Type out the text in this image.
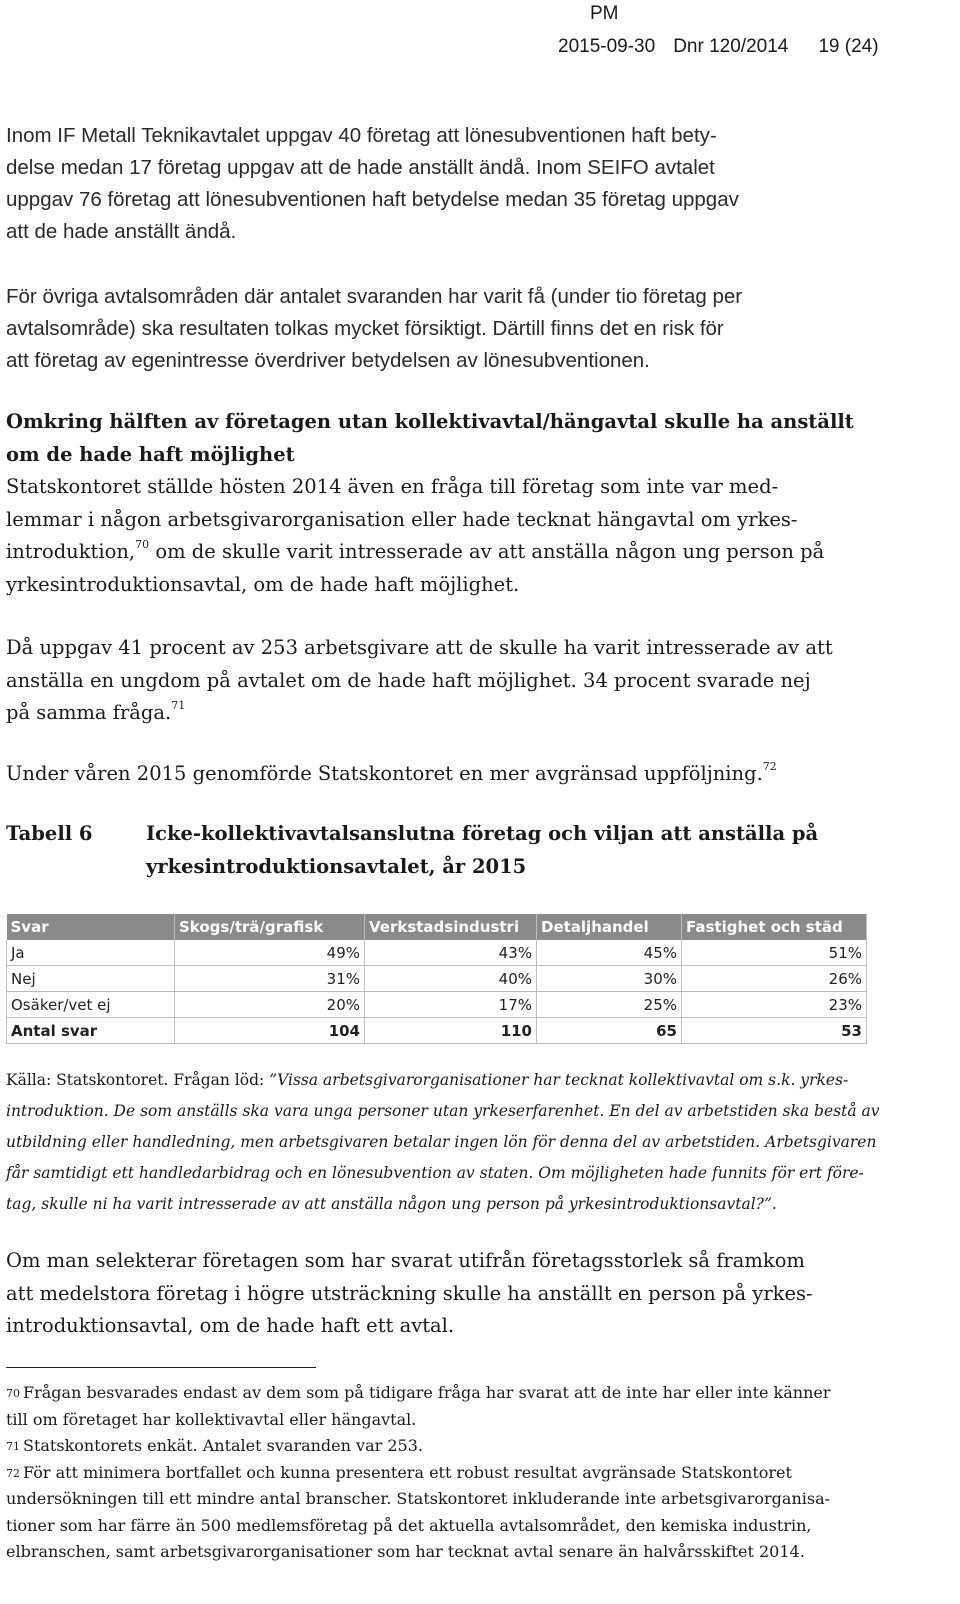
PM
2015-09-30 Dnr 120/2014 19 (24)

Inom IF Metall Teknikavtalet uppgav 40 företag att lönesubventionen haft bety-

delse medan 17 företag uppgav att de hade anställt ändå. Inom SEIFO avtalet

uppgav 76 företag att lönesubventionen haft betydelse medan 35 företag uppgav

att de hade anställt ändå.

För övriga avtalsområden där antalet svaranden har varit få (under tio företag per

avtalsområde) ska resultaten tolkas mycket försiktigt. Därtill finns det en risk för

att företag av egenintresse överdriver betydelsen av lönesubventionen.

Omkring hälften av företagen utan kollektivavtal/hängavtal skulle ha anställt

om de hade haft möjlighet

Statskontoret ställde hösten 2014 även en fråga till företag som inte var med-

lemmar i någon arbetsgivarorganisation eller hade tecknat hängavtal om yrkes-

introduktion,$^{70}$ om de skulle varit intresserade av att anställa någon ung person på

yrkesintroduktionsavtal, om de hade haft möjlighet.

Då uppgav 41 procent av 253 arbetsgivare att de skulle ha varit intresserade av att

anställa en ungdom på avtalet om de hade haft möjlighet. 34 procent svarade nej

på samma fråga.$^{71}$

Under våren 2015 genomförde Statskontoret en mer avgränsad uppföljning.$^{72}$

Tabell 6	Icke-kollektivavtalsanslutna företag och viljan att anställa på
yrkesintroduktionsavtalet, år 2015
Svar	Skogs/trä/grafisk	Verkstadsindustri	Detaljhandel	Fastighet och städ
Ja	49%	43%	45%	51%
Nej	31%	40%	30%	26%
Osäker/vet ej	20%	17%	25%	23%
Antal svar	104	110	65	53
Källa: Statskontoret. Frågan löd: ”Vissa arbetsgivarorganisationer har tecknat kollektivavtal om s.k. yrkes-
introduktion. De som anställs ska vara unga personer utan yrkeserfarenhet. En del av arbetstiden ska bestå av
utbildning eller handledning, men arbetsgivaren betalar ingen lön för denna del av arbetstiden. Arbetsgivaren
får samtidigt ett handledarbidrag och en lönesubvention av staten. Om möjligheten hade funnits för ert före-
tag, skulle ni ha varit intresserade av att anställa någon ung person på yrkesintroduktionsavtal?”.

Om man selekterar företagen som har svarat utifrån företagsstorlek så framkom

att medelstora företag i högre utsträckning skulle ha anställt en person på yrkes-

introduktionsavtal, om de hade haft ett avtal.

$^{70}$ Frågan besvarades endast av dem som på tidigare fråga har svarat att de inte har eller inte känner

till om företaget har kollektivavtal eller hängavtal.

$^{71}$ Statskontorets enkät. Antalet svaranden var 253.

$^{72}$ För att minimera bortfallet och kunna presentera ett robust resultat avgränsade Statskontoret

undersökningen till ett mindre antal branscher. Statskontoret inkluderande inte arbetsgivarorganisa-

tioner som har färre än 500 medlemsföretag på det aktuella avtalsområdet, den kemiska industrin,

elbranschen, samt arbetsgivarorganisationer som har tecknat avtal senare än halvårsskiftet 2014.
